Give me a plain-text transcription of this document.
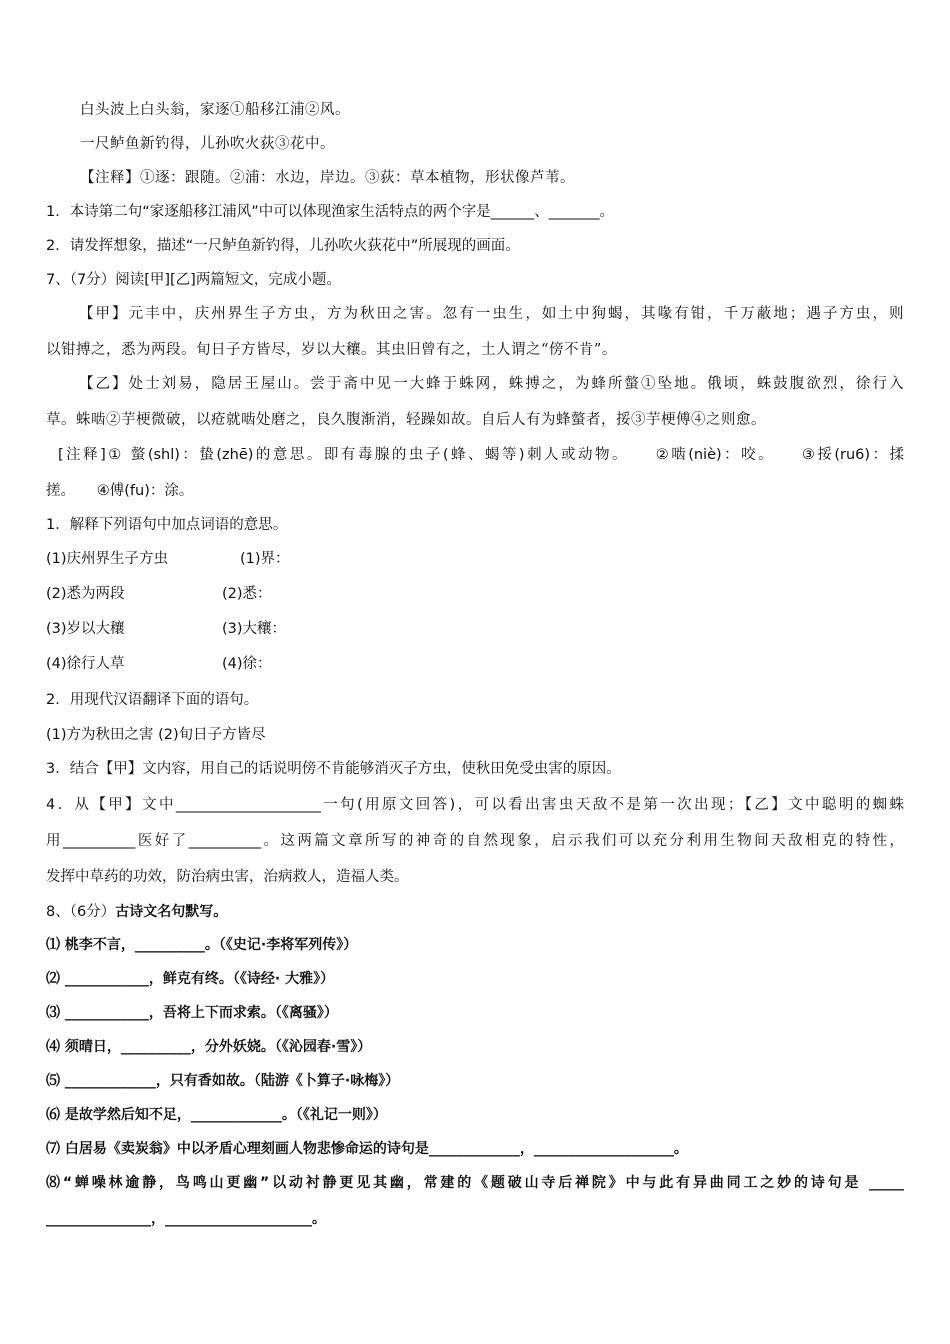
白头波上白头翁，家逐①船移江浦②风。
一尺鲈鱼新钓得，儿孙吹火荻③花中。
【注释】①逐：跟随。②浦：水边，岸边。③荻：草本植物，形状像芦苇。
1．本诗第二句“家逐船移江浦风”中可以体现渔家生活特点的两个字是______、_______。
2．请发挥想象，描述“一尺鲈鱼新钓得，儿孙吹火荻花中”所展现的画面。
7、（7分）阅读[甲][乙]两篇短文，完成小题。
【甲】元丰中，庆州界生子方虫，方为秋田之害。忽有一虫生，如土中狗蝎，其喙有钳，千万蔽地；遇子方虫，则
以钳搏之，悉为两段。旬日子方皆尽，岁以大穰。其虫旧曾有之，土人谓之“傍不肯”。
【乙】处士刘易，隐居王屋山。尝于斋中见一大蜂于蛛网，蛛搏之，为蜂所螫①坠地。俄顷，蛛鼓腹欲烈，徐行入
草。蛛啮②芋梗微破，以疮就啮处磨之，良久腹渐消，轻躁如故。自后人有为蜂螫者，挼③芋梗傅④之则愈。
[注释]① 螫(shl)：蛰(zhē)的意思。即有毒腺的虫子(蜂、蝎等)刺人或动物。　　②啮(niè)：咬。　　③挼(ru6)：揉
搓。　　④傅(fu)：涂。
1．解释下列语句中加点词语的意思。
(1)庆州界生子方虫	(1)界：
(2)悉为两段	(2)悉：
(3)岁以大穰	(3)大穰：
(4)徐行人草	(4)徐：
2．用现代汉语翻译下面的语句。
(1)方为秋田之害 (2)旬日子方皆尽
3．结合【甲】文内容，用自己的话说明傍不肯能够消灭子方虫，使秋田免受虫害的原因。
4．从【甲】文中____________________一句(用原文回答)，可以看出害虫天敌不是第一次出现；【乙】文中聪明的蜘蛛
用__________医好了__________。这两篇文章所写的神奇的自然现象，启示我们可以充分利用生物间天敌相克的特性，
发挥中草药的功效，防治病虫害，治病救人，造福人类。
8、（6分）古诗文名句默写。
⑴ 桃李不言，__________。（《史记·李将军列传》）
⑵ ____________，鲜克有终。（《诗经· 大雅》）
⑶ ____________，吾将上下而求索。（《离骚》）
⑷ 须晴日，__________，分外妖娆。（《沁园春·雪》）
⑸ _____________，只有香如故。（陆游《卜算子·咏梅》）
⑹ 是故学然后知不足，_____________。（《礼记一则》）
⑺ 白居易《卖炭翁》中以矛盾心理刻画人物悲惨命运的诗句是_____________，____________________。
⑻“蝉噪林逾静，鸟鸣山更幽”以动衬静更见其幽，常建的《题破山寺后禅院》中与此有异曲同工之妙的诗句是 _____
_______________，_____________________。
